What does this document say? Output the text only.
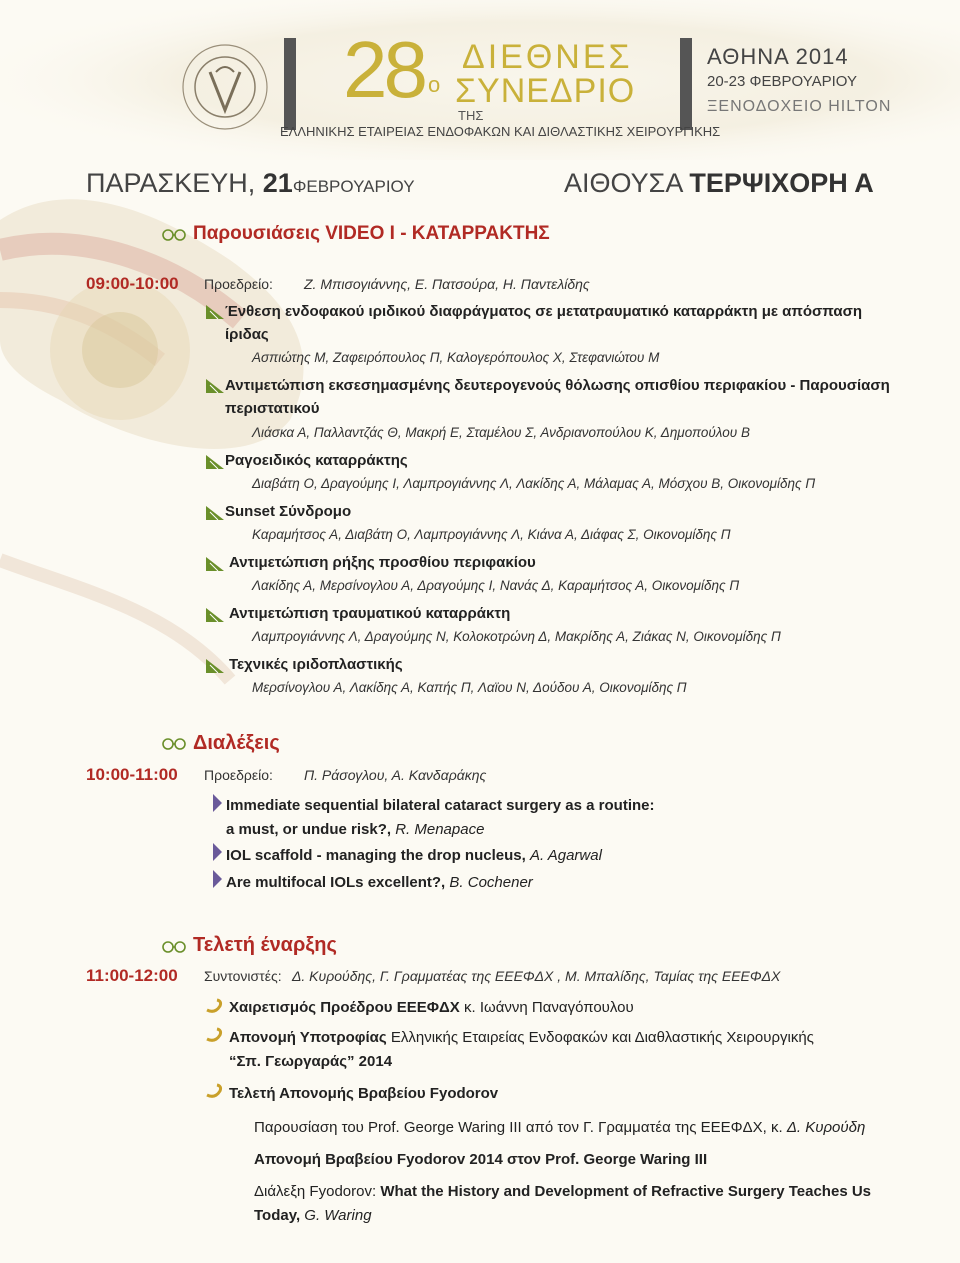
28 ο
ΔΙΕΘΝΕΣ
ΣΥΝΕΔΡΙΟ
ΤΗΣ
ΕΛΛΗΝΙΚΗΣ ΕΤΑΙΡΕΙΑΣ ΕΝΔΟΦΑΚΩΝ ΚΑΙ ΔΙΘΛΑΣΤΙΚΗΣ ΧΕΙΡΟΥΡΓΙΚΗΣ
ΑΘΗΝΑ 2014
20-23 ΦΕΒΡΟΥΑΡΙΟΥ
ΞΕΝΟΔΟΧΕΙΟ HILTON
ΠΑΡΑΣΚΕΥΗ, 21ΦΕΒΡΟΥΑΡΙΟΥ	ΑΙΘΟΥΣΑ ΤΕΡΨΙΧΟΡΗ Α
Παρουσιάσεις VIDEO I - ΚΑΤΑΡΡΑΚΤΗΣ
09:00-10:00 Προεδρείο: Ζ. Μπισογιάννης, Ε. Πατσούρα, Η. Παντελίδης
Ένθεση ενδοφακού ιριδικού διαφράγματος σε μετατραυματικό καταρράκτη με απόσπαση
ίριδας
Ασπιώτης Μ, Ζαφειρόπουλος Π, Καλογερόπουλος Χ, Στεφανιώτου Μ
Αντιμετώπιση εκσεσημασμένης δευτερογενούς θόλωσης οπισθίου περιφακίου - Παρουσίαση
περιστατικού
Λιάσκα Α, Παλλαντζάς Θ, Μακρή Ε, Σταμέλου Σ, Ανδριανοπούλου Κ, Δημοπούλου Β
Ραγοειδικός καταρράκτης
Διαβάτη Ο, Δραγούμης Ι, Λαμπρογιάννης Λ, Λακίδης Α, Μάλαμας Α, Μόσχου Β, Οικονομίδης Π
Sunset Σύνδρομο
Καραμήτσος Α, Διαβάτη Ο, Λαμπρογιάννης Λ, Κιάνα Α, Διάφας Σ, Οικονομίδης Π
Αντιμετώπιση ρήξης προσθίου περιφακίου
Λακίδης Α, Μερσίνογλου Α, Δραγούμης Ι, Νανάς Δ, Καραμήτσος Α, Οικονομίδης Π
Αντιμετώπιση τραυματικού καταρράκτη
Λαμπρογιάννης Λ, Δραγούμης Ν, Κολοκοτρώνη Δ, Μακρίδης Α, Ζιάκας Ν, Οικονομίδης Π
Τεχνικές ιριδοπλαστικής
Μερσίνογλου Α, Λακίδης Α, Καπής Π, Λαϊου Ν, Δούδου Α, Οικονομίδης Π
Διαλέξεις
10:00-11:00 Προεδρείο: Π. Ράσογλου, Α. Κανδαράκης
Immediate sequential bilateral cataract surgery as a routine:
a must, or undue risk?, R. Menapace
IOL scaffold - managing the drop nucleus, A. Agarwal
Are multifocal IOLs excellent?, B. Cochener
Τελετή έναρξης
11:00-12:00 Συντονιστές: Δ. Κυρούδης, Γ. Γραμματέας της ΕΕΕΦΔΧ , Μ. Μπαλίδης, Ταμίας της ΕΕΕΦΔΧ
Χαιρετισμός Προέδρου ΕΕΕΦΔΧ κ. Ιωάννη Παναγόπουλου
Απονομή Υποτροφίας Ελληνικής Εταιρείας Ενδοφακών και Διαθλαστικής Χειρουργικής
“Σπ. Γεωργαράς” 2014
Τελετή Απονομής Βραβείου Fyodorov
Παρουσίαση του Prof. George Waring III από τον Γ. Γραμματέα της ΕΕΕΦΔΧ, κ. Δ. Κυρούδη
Απονομή Βραβείου Fyodorov 2014 στον Prof. George Waring III
Διάλεξη Fyodorov: What the History and Development of Refractive Surgery Teaches Us
Today, G. Waring
